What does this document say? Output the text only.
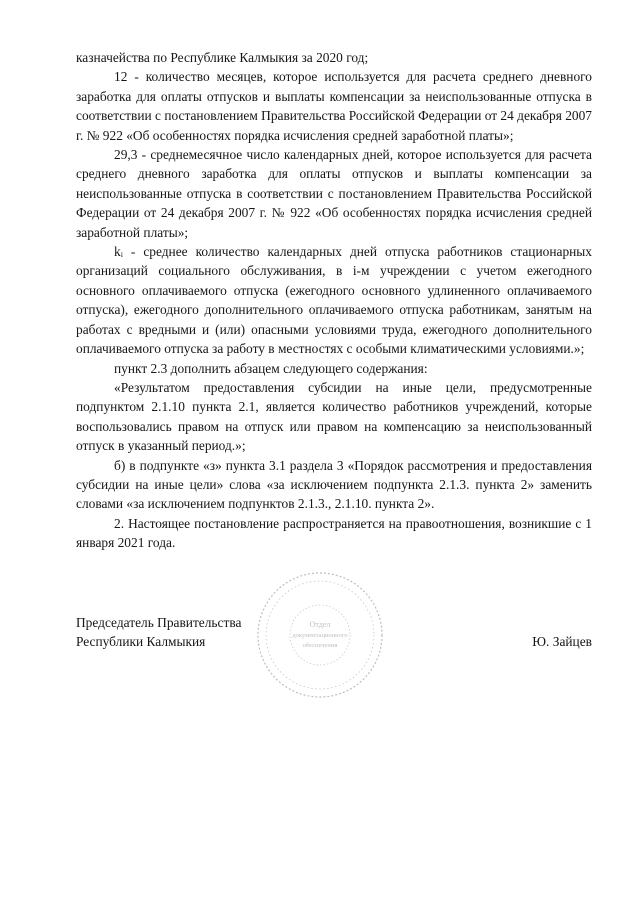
казначейства по Республике Калмыкия за 2020 год;

12 - количество месяцев, которое используется для расчета среднего дневного заработка для оплаты отпусков и выплаты компенсации за неиспользованные отпуска в соответствии с постановлением Правительства Российской Федерации от 24 декабря 2007 г. № 922 «Об особенностях порядка исчисления средней заработной платы»;

29,3 - среднемесячное число календарных дней, которое используется для расчета среднего дневного заработка для оплаты отпусков и выплаты компенсации за неиспользованные отпуска в соответствии с постановлением Правительства Российской Федерации от 24 декабря 2007 г. № 922 «Об особенностях порядка исчисления средней заработной платы»;

kᵢ - среднее количество календарных дней отпуска работников стационарных организаций социального обслуживания, в i-м учреждении с учетом ежегодного основного оплачиваемого отпуска (ежегодного основного удлиненного оплачиваемого отпуска), ежегодного дополнительного оплачиваемого отпуска работникам, занятым на работах с вредными и (или) опасными условиями труда, ежегодного дополнительного оплачиваемого отпуска за работу в местностях с особыми климатическими условиями.»;

пункт 2.3 дополнить абзацем следующего содержания:

«Результатом предоставления субсидии на иные цели, предусмотренные подпунктом 2.1.10 пункта 2.1, является количество работников учреждений, которые воспользовались правом на отпуск или правом на компенсацию за неиспользованный отпуск в указанный период.»;

б) в подпункте «з» пункта 3.1 раздела 3 «Порядок рассмотрения и предоставления субсидии на иные цели» слова «за исключением подпункта 2.1.3. пункта 2» заменить словами «за исключением подпунктов 2.1.3., 2.1.10. пункта 2».

2. Настоящее постановление распространяется на правоотношения, возникшие с 1 января 2021 года.

Отдел
документационного
обеспечения
Председатель Правительства
Республики Калмыкия	Ю. Зайцев
